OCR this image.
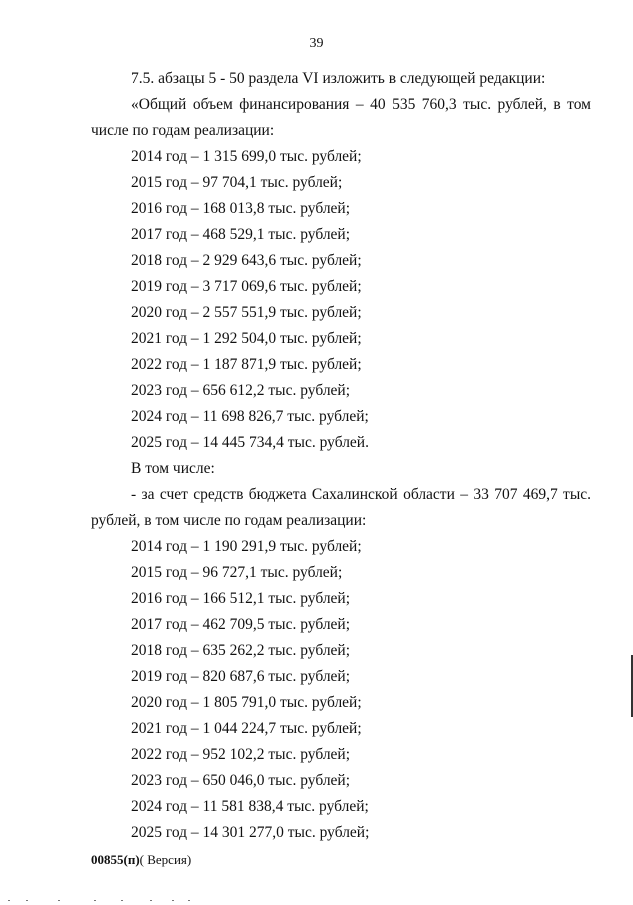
39

7.5. абзацы 5 - 50 раздела VI изложить в следующей редакции:

«Общий объем финансирования – 40 535 760,3 тыс. рублей, в том числе по годам реализации:

2014 год – 1 315 699,0 тыс. рублей;

2015 год – 97 704,1 тыс. рублей;

2016 год – 168 013,8 тыс. рублей;

2017 год – 468 529,1 тыс. рублей;

2018 год – 2 929 643,6 тыс. рублей;

2019 год – 3 717 069,6 тыс. рублей;

2020 год – 2 557 551,9 тыс. рублей;

2021 год – 1 292 504,0 тыс. рублей;

2022 год – 1 187 871,9 тыс. рублей;

2023 год – 656 612,2 тыс. рублей;

2024 год – 11 698 826,7 тыс. рублей;

2025 год – 14 445 734,4 тыс. рублей.

В том числе:

- за счет средств бюджета Сахалинской области – 33 707 469,7 тыс. рублей, в том числе по годам реализации:

2014 год – 1 190 291,9 тыс. рублей;

2015 год – 96 727,1 тыс. рублей;

2016 год – 166 512,1 тыс. рублей;

2017 год – 462 709,5 тыс. рублей;

2018 год – 635 262,2 тыс. рублей;

2019 год – 820 687,6 тыс. рублей;

2020 год – 1 805 791,0 тыс. рублей;

2021 год – 1 044 224,7 тыс. рублей;

2022 год – 952 102,2 тыс. рублей;

2023 год – 650 046,0 тыс. рублей;

2024 год – 11 581 838,4 тыс. рублей;

2025 год – 14 301 277,0 тыс. рублей;

00855(п)( Версия)
